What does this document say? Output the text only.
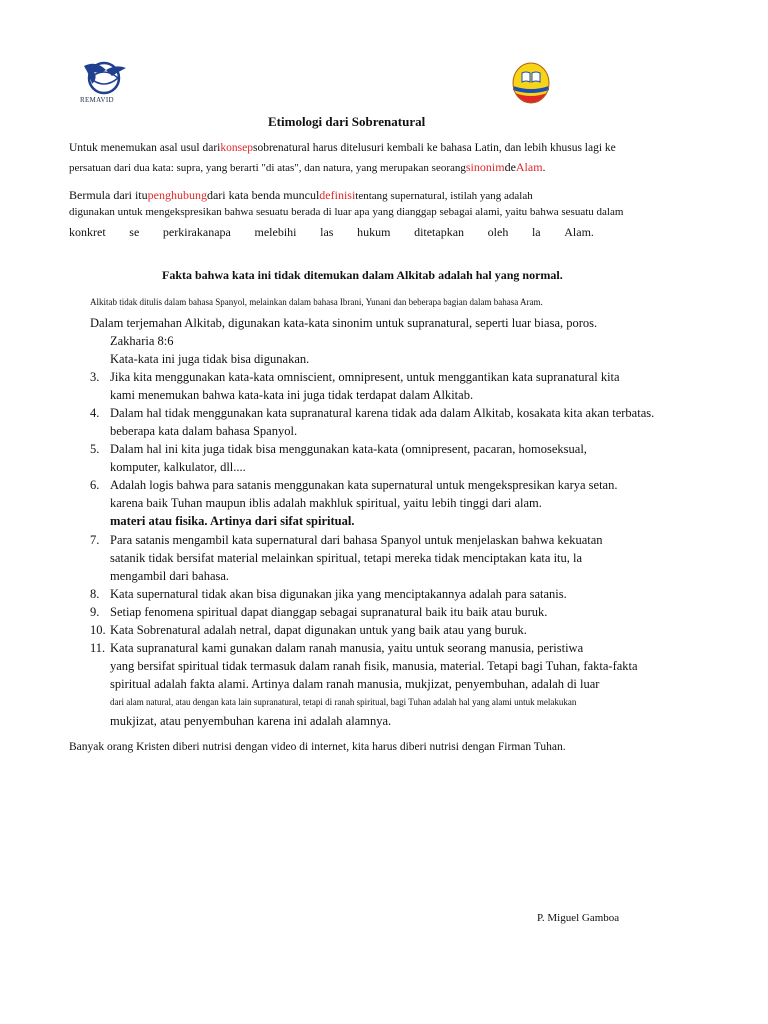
REMAVID
Etimologi dari Sobrenatural
Untuk menemukan asal usul darikonsepsobrenatural harus ditelusuri kembali ke bahasa Latin, dan lebih khusus lagi ke
persatuan dari dua kata: supra, yang berarti "di atas", dan natura, yang merupakan seorangsinonimdeAlam.
Bermula dari itupenghubungdari kata benda munculdefinisitentang supernatural, istilah yang adalah
digunakan untuk mengekspresikan bahwa sesuatu berada di luar apa yang dianggap sebagai alami, yaitu bahwa sesuatu dalam
konkret se perkirakanapa melebihi las hukum ditetapkan oleh la Alam.
Fakta bahwa kata ini tidak ditemukan dalam Alkitab adalah hal yang normal.
Alkitab tidak ditulis dalam bahasa Spanyol, melainkan dalam bahasa Ibrani, Yunani dan beberapa bagian dalam bahasa Aram.
Dalam terjemahan Alkitab, digunakan kata-kata sinonim untuk supranatural, seperti luar biasa, poros.
Zakharia 8:6
Kata-kata ini juga tidak bisa digunakan.
3. Jika kita menggunakan kata-kata omniscient, omnipresent, untuk menggantikan kata supranatural kita
kami menemukan bahwa kata-kata ini juga tidak terdapat dalam Alkitab.
4. Dalam hal tidak menggunakan kata supranatural karena tidak ada dalam Alkitab, kosakata kita akan terbatas.
beberapa kata dalam bahasa Spanyol.
5. Dalam hal ini kita juga tidak bisa menggunakan kata-kata (omnipresent, pacaran, homoseksual,
komputer, kalkulator, dll....
6. Adalah logis bahwa para satanis menggunakan kata supernatural untuk mengekspresikan karya setan.
karena baik Tuhan maupun iblis adalah makhluk spiritual, yaitu lebih tinggi dari alam.
materi atau fisika. Artinya dari sifat spiritual.
7. Para satanis mengambil kata supernatural dari bahasa Spanyol untuk menjelaskan bahwa kekuatan
satanik tidak bersifat material melainkan spiritual, tetapi mereka tidak menciptakan kata itu, la
mengambil dari bahasa.
8. Kata supernatural tidak akan bisa digunakan jika yang menciptakannya adalah para satanis.
9. Setiap fenomena spiritual dapat dianggap sebagai supranatural baik itu baik atau buruk.
10. Kata Sobrenatural adalah netral, dapat digunakan untuk yang baik atau yang buruk.
11. Kata supranatural kami gunakan dalam ranah manusia, yaitu untuk seorang manusia, peristiwa
yang bersifat spiritual tidak termasuk dalam ranah fisik, manusia, material. Tetapi bagi Tuhan, fakta-fakta
spiritual adalah fakta alami. Artinya dalam ranah manusia, mukjizat, penyembuhan, adalah di luar
dari alam natural, atau dengan kata lain supranatural, tetapi di ranah spiritual, bagi Tuhan adalah hal yang alami untuk melakukan
mukjizat, atau penyembuhan karena ini adalah alamnya.
Banyak orang Kristen diberi nutrisi dengan video di internet, kita harus diberi nutrisi dengan Firman Tuhan.
P. Miguel Gamboa
